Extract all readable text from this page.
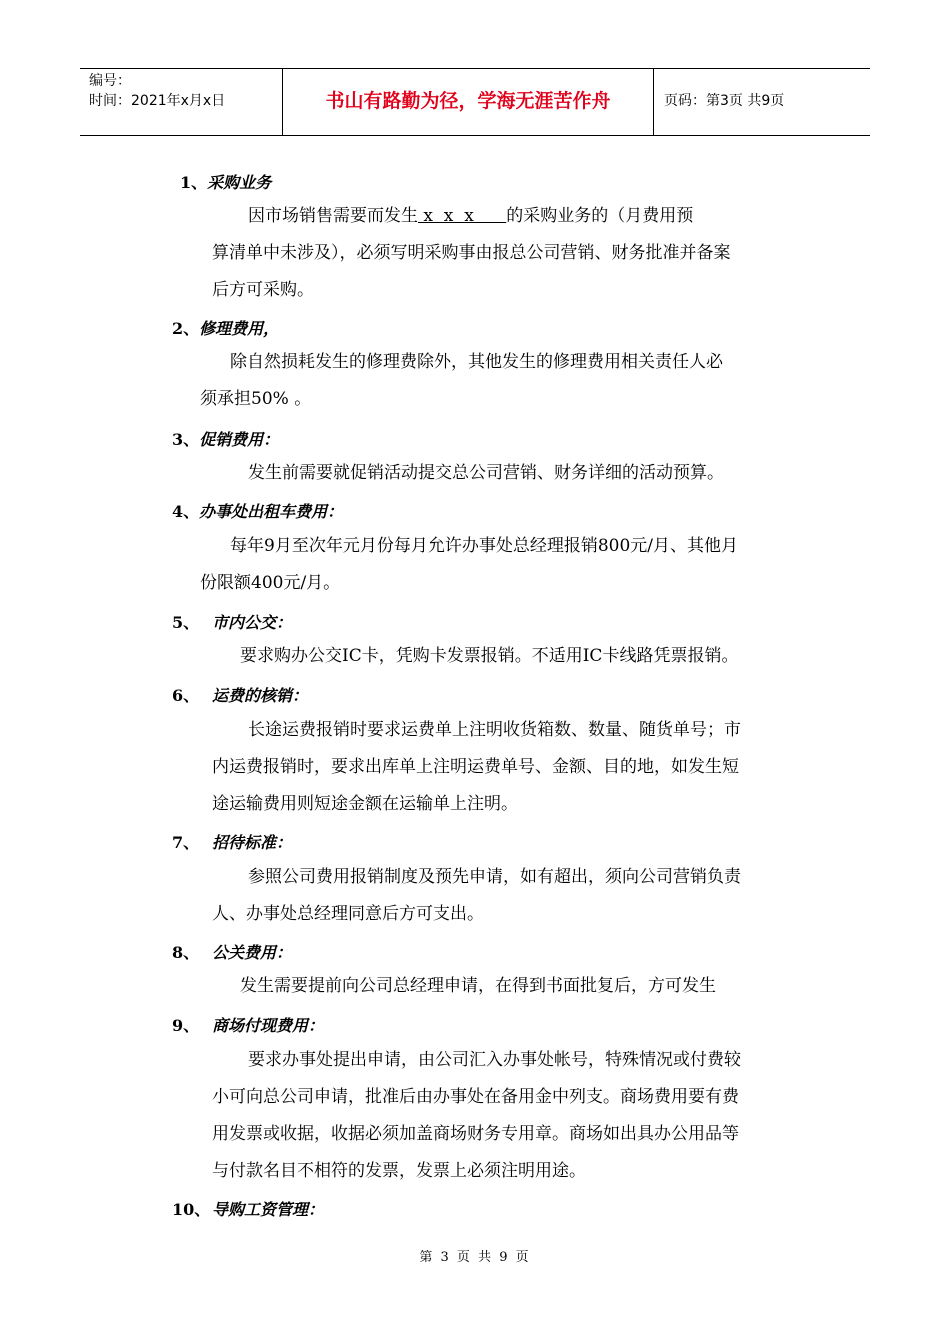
编号：
时间：2021年x月x日	书山有路勤为径，学海无涯苦作舟	页码：第3页 共9页
1、采购业务
因市场销售需要而发生 x  x  x      的采购业务的（月费用预
算清单中未涉及），必须写明采购事由报总公司营销、财务批准并备案
后方可采购。
2、修理费用，
除自然损耗发生的修理费除外，其他发生的修理费用相关责任人必
须承担50% 。
3、促销费用：
发生前需要就促销活动提交总公司营销、财务详细的活动预算。
4、办事处出租车费用：
每年9月至次年元月份每月允许办事处总经理报销800元/月、其他月
份限额400元/月。
5、 市内公交：
要求购办公交IC卡，凭购卡发票报销。不适用IC卡线路凭票报销。
6、 运费的核销：
长途运费报销时要求运费单上注明收货箱数、数量、随货单号；市
内运费报销时，要求出库单上注明运费单号、金额、目的地，如发生短
途运输费用则短途金额在运输单上注明。
7、 招待标准：
参照公司费用报销制度及预先申请，如有超出，须向公司营销负责
人、办事处总经理同意后方可支出。
8、 公关费用：
发生需要提前向公司总经理申请，在得到书面批复后，方可发生
9、 商场付现费用：
要求办事处提出申请，由公司汇入办事处帐号，特殊情况或付费较
小可向总公司申请，批准后由办事处在备用金中列支。商场费用要有费
用发票或收据，收据必须加盖商场财务专用章。商场如出具办公用品等
与付款名目不相符的发票，发票上必须注明用途。
10、 导购工资管理：
第 3 页 共 9 页
